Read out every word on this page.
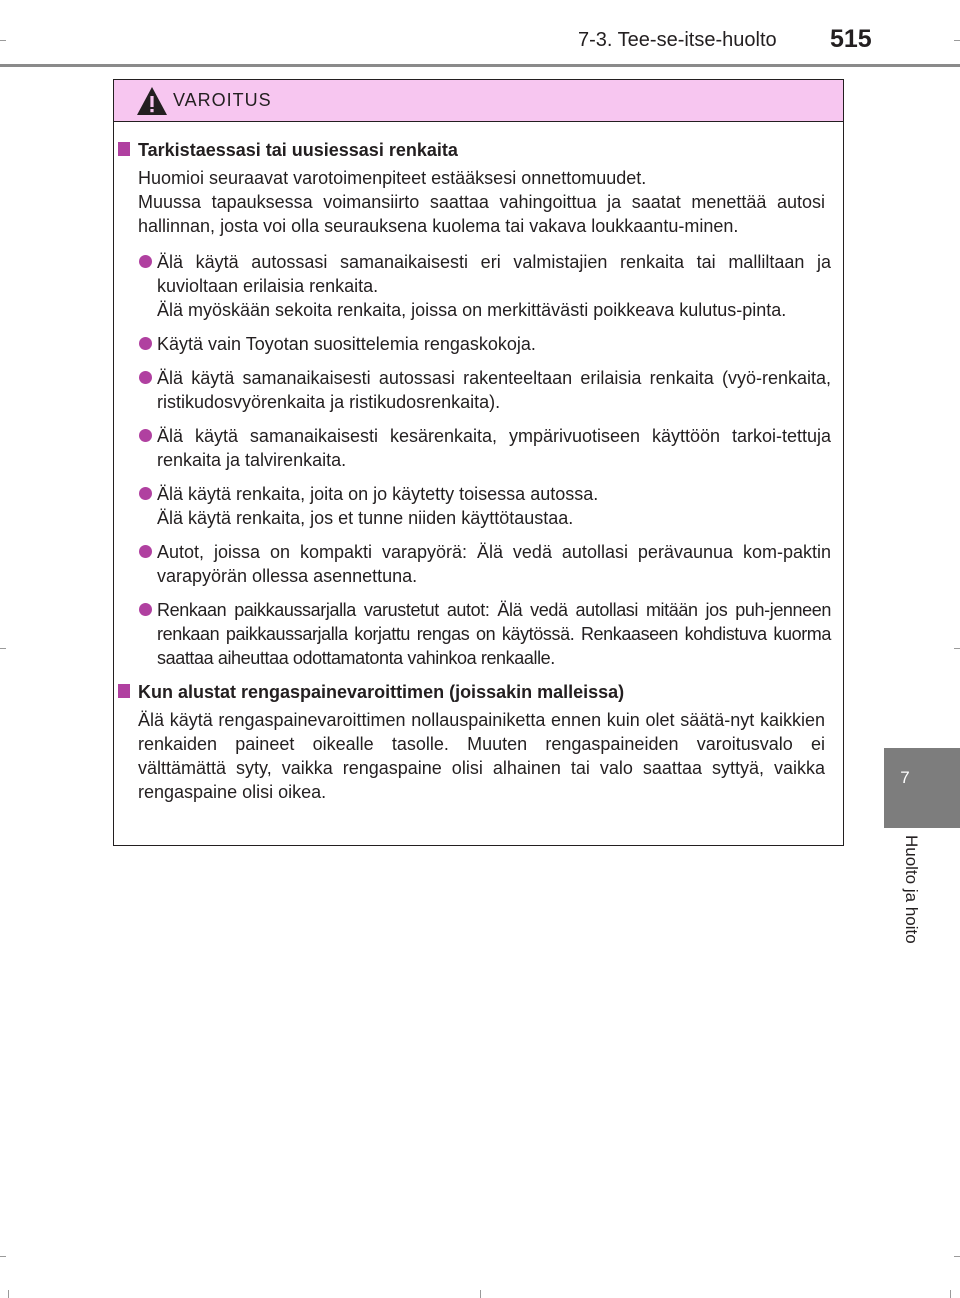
7-3. Tee-se-itse-huolto 515
7
Huolto ja hoito
VAROITUS
Tarkistaessasi tai uusiessasi renkaita
Huomioi seuraavat varotoimenpiteet estääksesi onnettomuudet.
Muussa tapauksessa voimansiirto saattaa vahingoittua ja saatat menettää autosi hallinnan, josta voi olla seurauksena kuolema tai vakava loukkaantu-minen.
Älä käytä autossasi samanaikaisesti eri valmistajien renkaita tai malliltaan ja kuvioltaan erilaisia renkaita.
Älä myöskään sekoita renkaita, joissa on merkittävästi poikkeava kulutus-pinta.
Käytä vain Toyotan suosittelemia rengaskokoja.
Älä käytä samanaikaisesti autossasi rakenteeltaan erilaisia renkaita (vyö-renkaita, ristikudosvyörenkaita ja ristikudosrenkaita).
Älä käytä samanaikaisesti kesärenkaita, ympärivuotiseen käyttöön tarkoi-tettuja renkaita ja talvirenkaita.
Älä käytä renkaita, joita on jo käytetty toisessa autossa.
Älä käytä renkaita, jos et tunne niiden käyttötaustaa.
Autot, joissa on kompakti varapyörä: Älä vedä autollasi perävaunua kom-paktin varapyörän ollessa asennettuna.
Renkaan paikkaussarjalla varustetut autot: Älä vedä autollasi mitään jos puh-jenneen renkaan paikkaussarjalla korjattu rengas on käytössä. Renkaaseen kohdistuva kuorma saattaa aiheuttaa odottamatonta vahinkoa renkaalle.
Kun alustat rengaspainevaroittimen (joissakin malleissa)
Älä käytä rengaspainevaroittimen nollauspainiketta ennen kuin olet säätä-nyt kaikkien renkaiden paineet oikealle tasolle. Muuten rengaspaineiden varoitusvalo ei välttämättä syty, vaikka rengaspaine olisi alhainen tai valo saattaa syttyä, vaikka rengaspaine olisi oikea.
